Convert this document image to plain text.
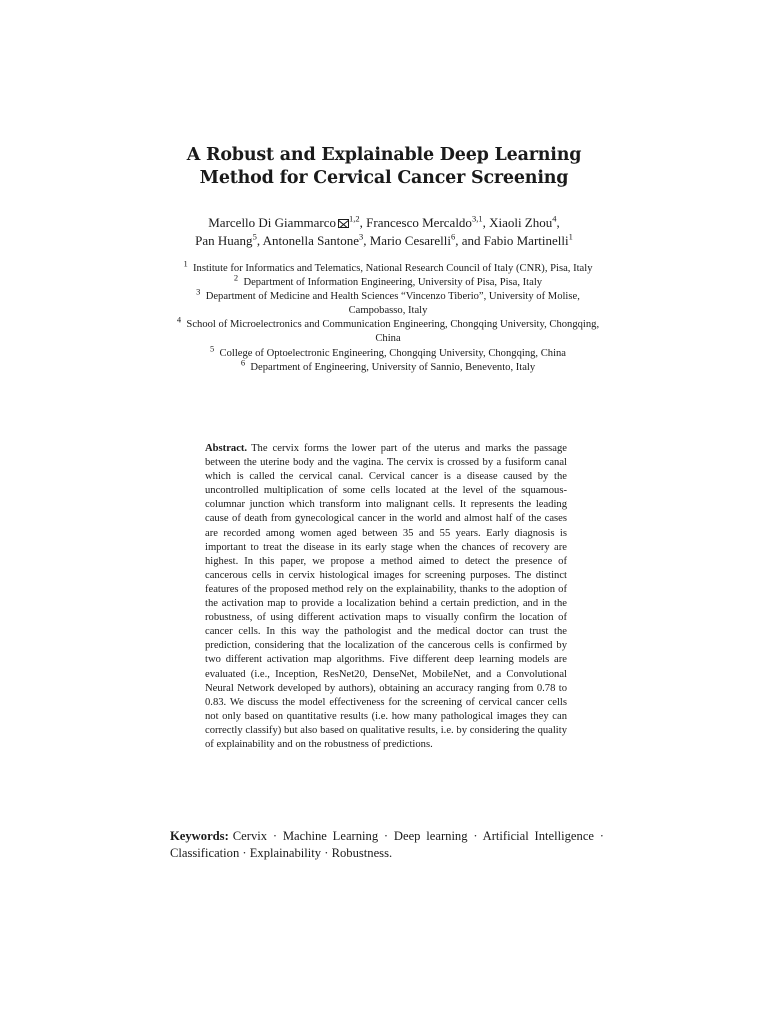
A Robust and Explainable Deep Learning
Method for Cervical Cancer Screening
Marcello Di Giammarco $^{1,2}$, Francesco Mercaldo$^{3,1}$, Xiaoli Zhou$^4$,
Pan Huang$^5$, Antonella Santone$^3$, Mario Cesarelli$^6$, and Fabio Martinelli$^1$
$^1$ Institute for Informatics and Telematics, National Research Council of Italy (CNR), Pisa, Italy
$^2$ Department of Information Engineering, University of Pisa, Pisa, Italy
$^3$ Department of Medicine and Health Sciences “Vincenzo Tiberio”, University of Molise, Campobasso, Italy
$^4$ School of Microelectronics and Communication Engineering, Chongqing University, Chongqing, China
$^5$ College of Optoelectronic Engineering, Chongqing University, Chongqing, China
$^6$ Department of Engineering, University of Sannio, Benevento, Italy
Abstract. The cervix forms the lower part of the uterus and marks the passage between the uterine body and the vagina. The cervix is crossed by a fusiform canal which is called the cervical canal. Cervical cancer is a disease caused by the uncontrolled multiplication of some cells located at the level of the squamous-columnar junction which transform into malignant cells. It represents the leading cause of death from gynecological cancer in the world and almost half of the cases are recorded among women aged between 35 and 55 years. Early diagnosis is important to treat the disease in its early stage when the chances of recovery are highest. In this paper, we propose a method aimed to detect the presence of cancerous cells in cervix histological images for screening purposes. The distinct features of the proposed method rely on the explainability, thanks to the adoption of the activation map to provide a localization behind a certain prediction, and in the robustness, of using different activation maps to visually confirm the location of cancer cells. In this way the pathologist and the medical doctor can trust the prediction, considering that the localization of the cancerous cells is confirmed by two different activation map algorithms. Five different deep learning models are evaluated (i.e., Inception, ResNet20, DenseNet, MobileNet, and a Convolutional Neural Network developed by authors), obtaining an accuracy ranging from 0.78 to 0.83. We discuss the model effectiveness for the screening of cervical cancer cells not only based on quantitative results (i.e. how many pathological images they can correctly classify) but also based on qualitative results, i.e. by considering the quality of explainability and on the robustness of predictions.
Keywords: Cervix · Machine Learning · Deep learning · Artificial Intelligence · Classification · Explainability · Robustness.
